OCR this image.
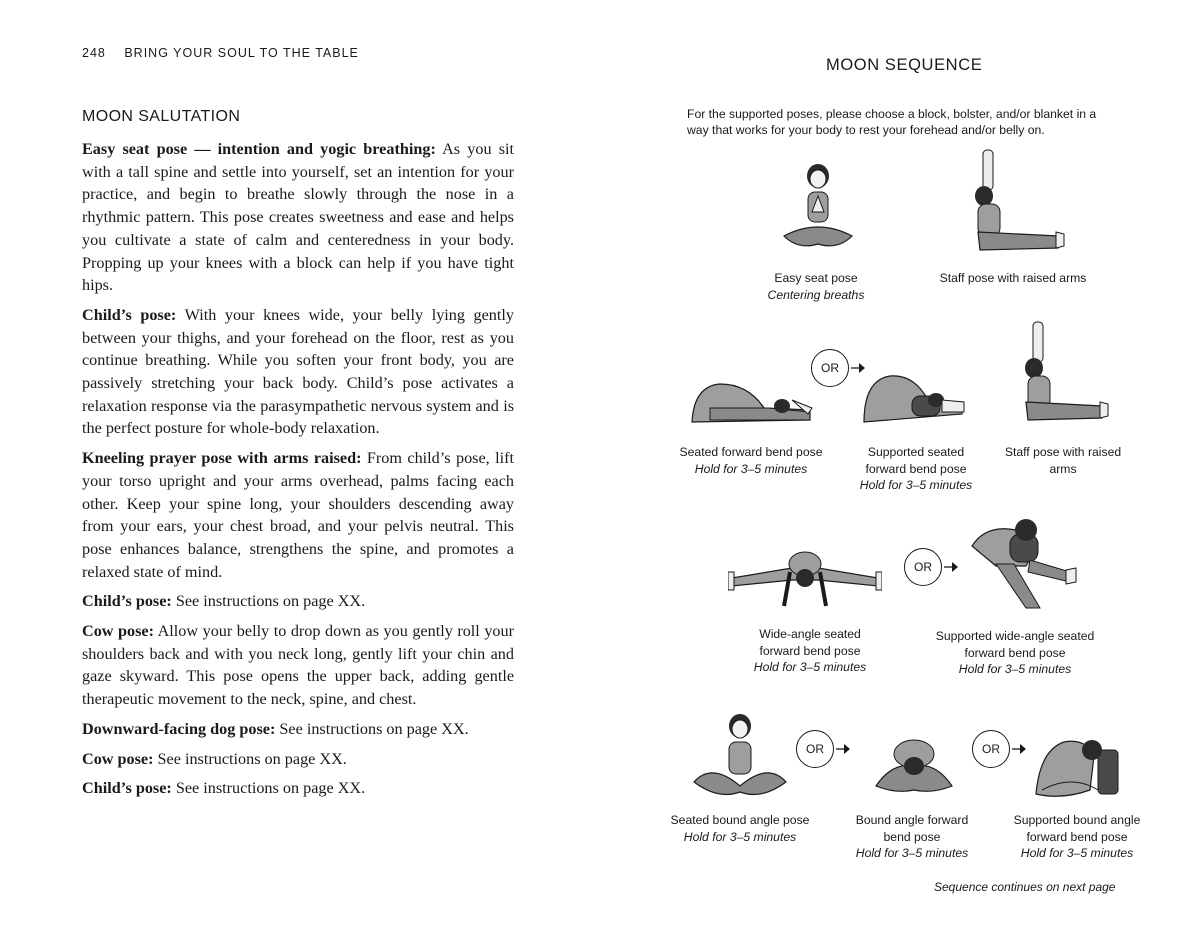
248 BRING YOUR SOUL TO THE TABLE
MOON SALUTATION

Easy seat pose — intention and yogic breathing: As you sit with a tall spine and settle into yourself, set an intention for your practice, and begin to breathe slowly through the nose in a rhythmic pattern. This pose creates sweetness and ease and helps you cultivate a state of calm and centeredness in your body. Propping up your knees with a block can help if you have tight hips.

Child’s pose: With your knees wide, your belly lying gently between your thighs, and your forehead on the floor, rest as you continue breathing. While you soften your front body, you are passively stretching your back body. Child’s pose activates a relaxation response via the parasympathetic nervous system and is the perfect posture for whole-body relaxation.

Kneeling prayer pose with arms raised: From child’s pose, lift your torso upright and your arms overhead, palms facing each other. Keep your spine long, your shoulders descending away from your ears, your chest broad, and your pelvis neutral. This pose enhances balance, strengthens the spine, and promotes a relaxed state of mind.

Child’s pose: See instructions on page XX.

Cow pose: Allow your belly to drop down as you gently roll your shoulders back and with you neck long, gently lift your chin and gaze skyward. This pose opens the upper back, adding gentle therapeutic movement to the neck, spine, and chest.

Downward-facing dog pose: See instructions on page XX.

Cow pose: See instructions on page XX.

Child’s pose: See instructions on page XX.

MOON SEQUENCE
For the supported poses, please choose a block, bolster, and/or blanket in a way that works for your body to rest your forehead and/or belly on.
Easy seat pose
Centering breaths
Staff pose with raised arms
OR
Seated forward bend pose
Hold for 3–5 minutes
Supported seated forward bend pose
Hold for 3–5 minutes
Staff pose with raised arms
OR
Wide-angle seated forward bend pose
Hold for 3–5 minutes
Supported wide-angle seated forward bend pose
Hold for 3–5 minutes
OR	OR
Seated bound angle pose
Hold for 3–5 minutes
Bound angle forward bend pose
Hold for 3–5 minutes
Supported bound angle forward bend pose
Hold for 3–5 minutes
Sequence continues on next page
